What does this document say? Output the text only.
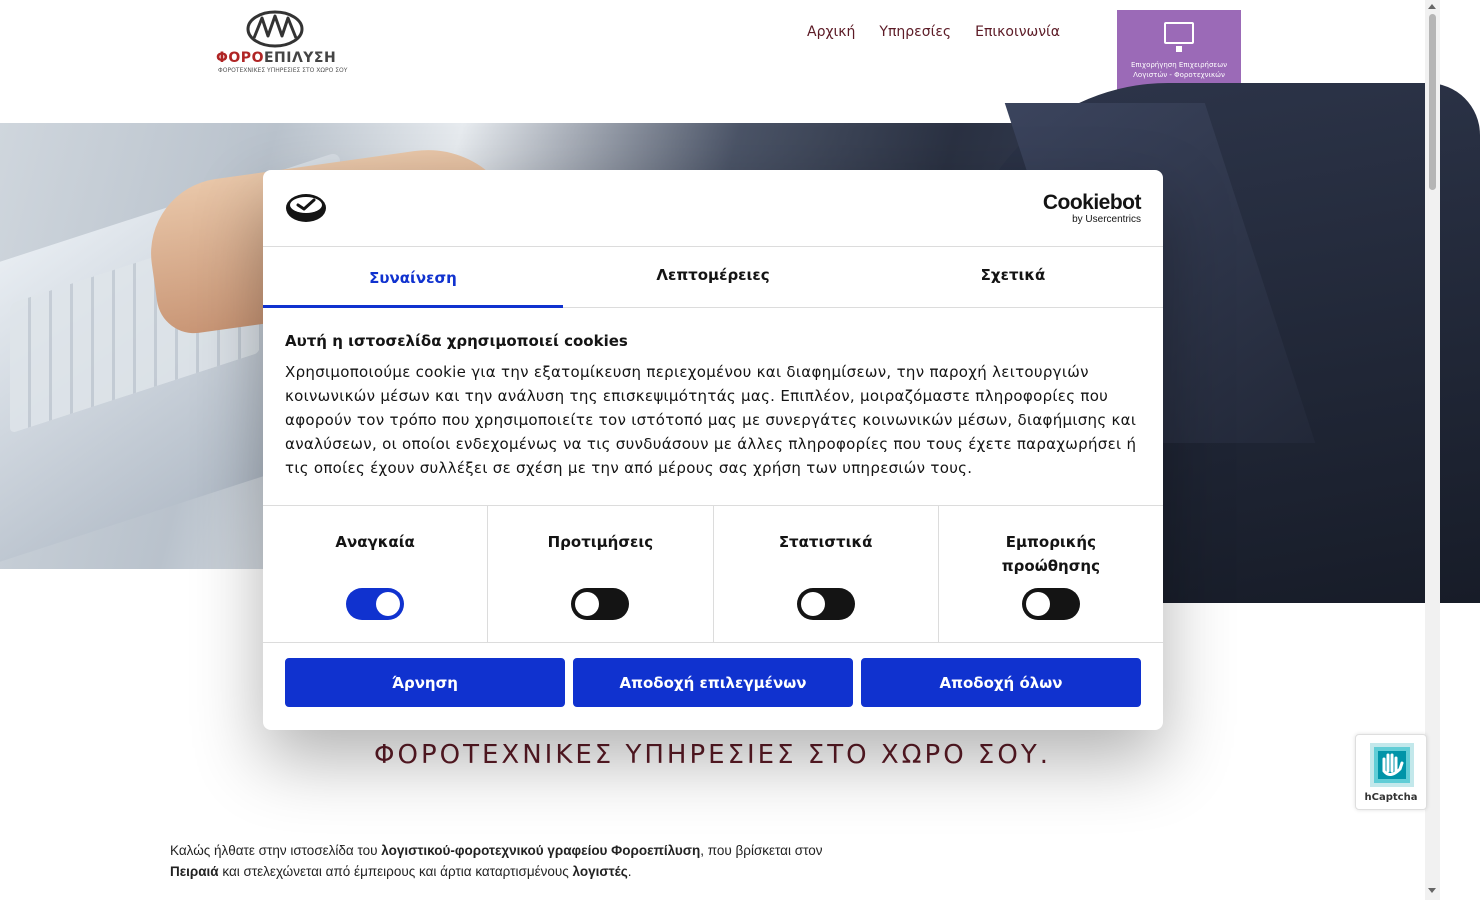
ΦΟΡΟΕΠΙΛΥΣΗ
ΦΟΡΟΤΕΧΝΙΚΕΣ ΥΠΗΡΕΣΙΕΣ ΣΤΟ ΧΩΡΟ ΣΟΥ
Αρχική Υπηρεσίες Επικοινωνία
Επιχορήγηση Επιχειρήσεων
Λογιστών - Φοροτεχνικών
ΦΟΡΟΤΕΧΝΙΚΕΣ ΥΠΗΡΕΣΙΕΣ ΣΤΟ ΧΩΡΟ ΣΟΥ.
Καλώς ήλθατε στην ιστοσελίδα του λογιστικού-φοροτεχνικού γραφείου Φοροεπίλυση, που βρίσκεται στον
Πειραιά και στελεχώνεται από έμπειρους και άρτια καταρτισμένους λογιστές.
hCaptcha
Cookiebot
by Usercentrics
Συναίνεση	Λεπτομέρειες	Σχετικά
Αυτή η ιστοσελίδα χρησιμοποιεί cookies

Χρησιμοποιούμε cookie για την εξατομίκευση περιεχομένου και διαφημίσεων, την παροχή λειτουργιών κοινωνικών μέσων και την ανάλυση της επισκεψιμότητάς μας. Επιπλέον, μοιραζόμαστε πληροφορίες που αφορούν τον τρόπο που χρησιμοποιείτε τον ιστότοπό μας με συνεργάτες κοινωνικών μέσων, διαφήμισης και αναλύσεων, οι οποίοι ενδεχομένως να τις συνδυάσουν με άλλες πληροφορίες που τους έχετε παραχωρήσει ή τις οποίες έχουν συλλέξει σε σχέση με την από μέρους σας χρήση των υπηρεσιών τους.

Αναγκαία	Προτιμήσεις	Στατιστικά	Εμπορικής προώθησης
Άρνηση	Αποδοχή επιλεγμένων	Αποδοχή όλων
